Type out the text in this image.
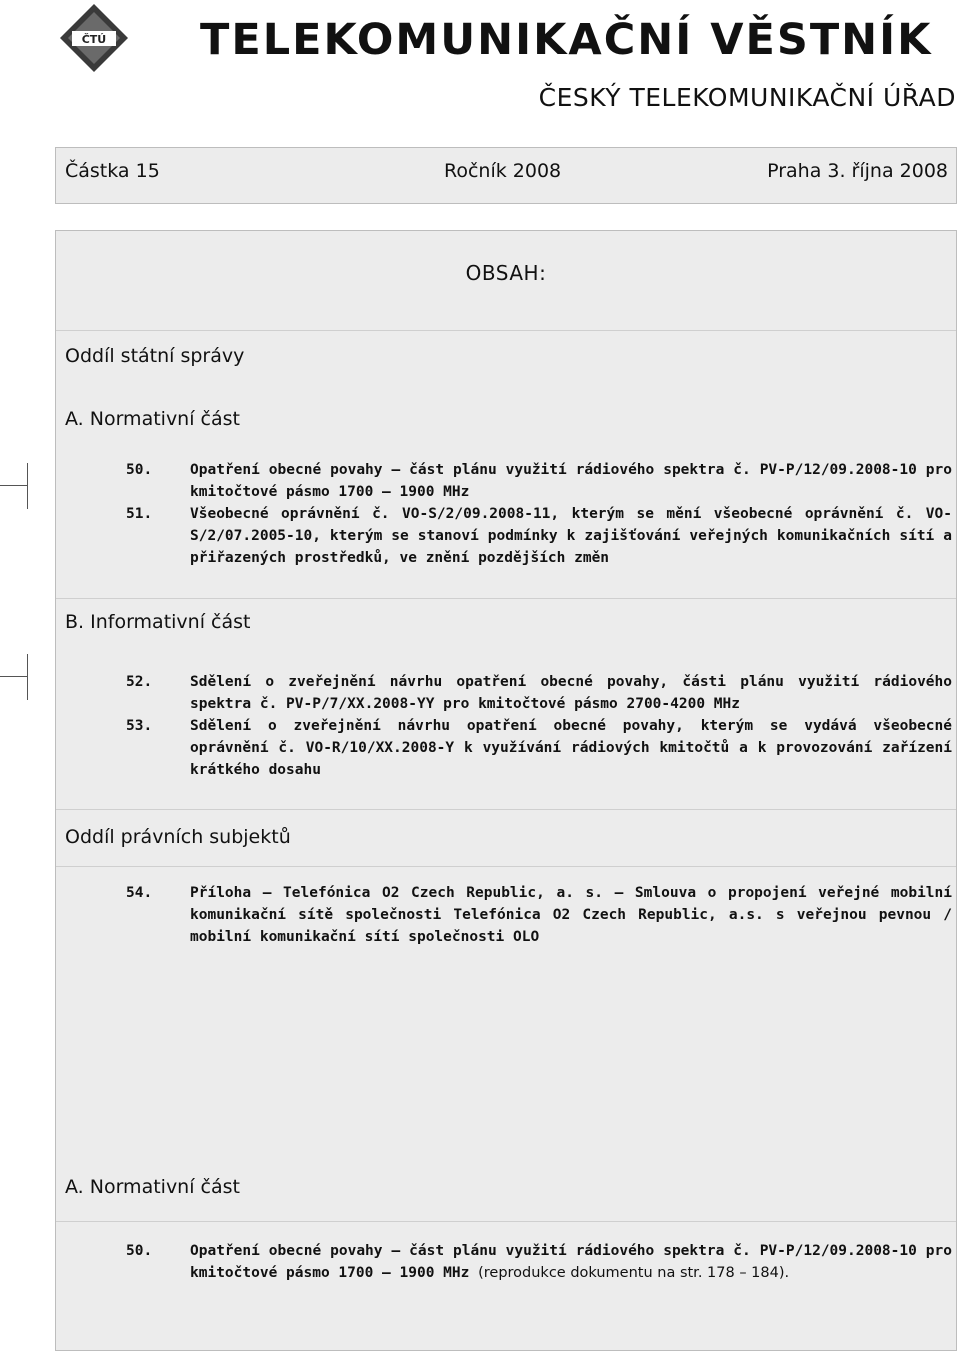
ČTÚ TELEKOMUNIKAČNÍ VĚSTNÍK
ČESKÝ TELEKOMUNIKAČNÍ ÚŘAD
Částka 15	Ročník 2008	Praha 3. října 2008
OBSAH:
Oddíl státní správy
A. Normativní část
50.	Opatření obecné povahy – část plánu využití rádiového spektra č. PV-P/12/09.2008-10 pro kmitočtové pásmo 1700 – 1900 MHz
51.	Všeobecné oprávnění č. VO-S/2/09.2008-11, kterým se mění všeobecné oprávnění č. VO-S/2/07.2005-10, kterým se stanoví podmínky k zajišťování veřejných komunikačních sítí a přiřazených prostředků, ve znění pozdějších změn
B. Informativní část
52.	Sdělení o zveřejnění návrhu opatření obecné povahy, části plánu využití rádiového spektra č. PV-P/7/XX.2008-YY pro kmitočtové pásmo 2700-4200 MHz
53.	Sdělení o zveřejnění návrhu opatření obecné povahy, kterým se vydává všeobecné oprávnění č. VO-R/10/XX.2008-Y k využívání rádiových kmitočtů a k provozování zařízení krátkého dosahu
Oddíl právních subjektů
54.	Příloha – Telefónica O2 Czech Republic, a. s. – Smlouva o propojení veřejné mobilní komunikační sítě společnosti Telefónica O2 Czech Republic, a.s. s veřejnou pevnou / mobilní komunikační sítí společnosti OLO
A. Normativní část
50.	Opatření obecné povahy – část plánu využití rádiového spektra č. PV-P/12/09.2008-10 pro kmitočtové pásmo 1700 – 1900 MHz (reprodukce dokumentu na str. 178 – 184).
